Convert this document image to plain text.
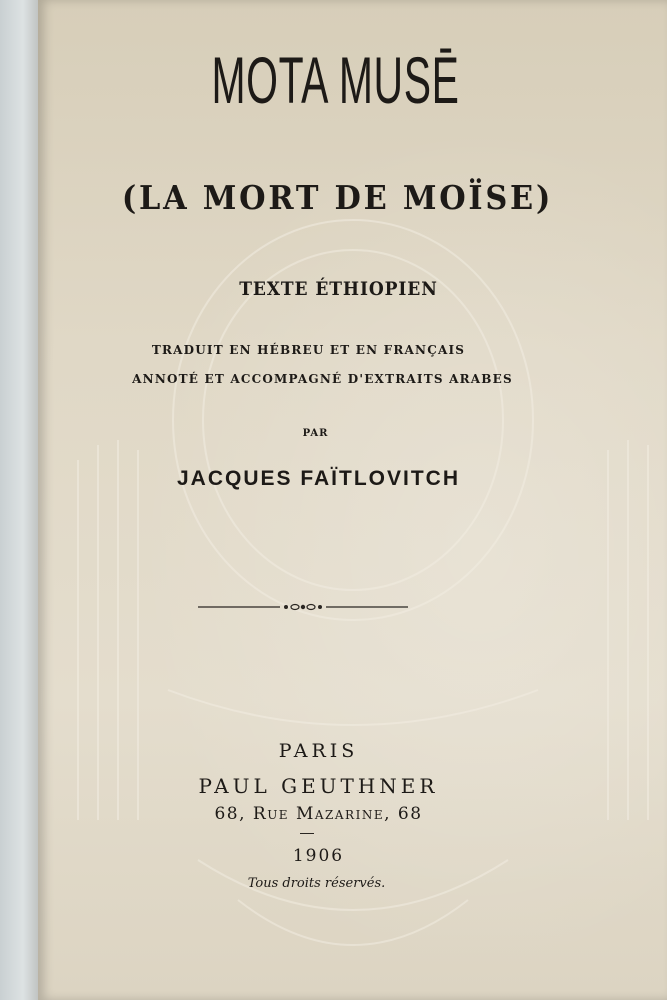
MOTA MUSĒ
(LA MORT DE MOÏSE)
TEXTE ÉTHIOPIEN
TRADUIT EN HÉBREU ET EN FRANÇAIS
ANNOTÉ ET ACCOMPAGNÉ D'EXTRAITS ARABES
PAR
JACQUES FAÏTLOVITCH
PARIS
PAUL GEUTHNER
68, Rue Mazarine, 68
1906
Tous droits réservés.
